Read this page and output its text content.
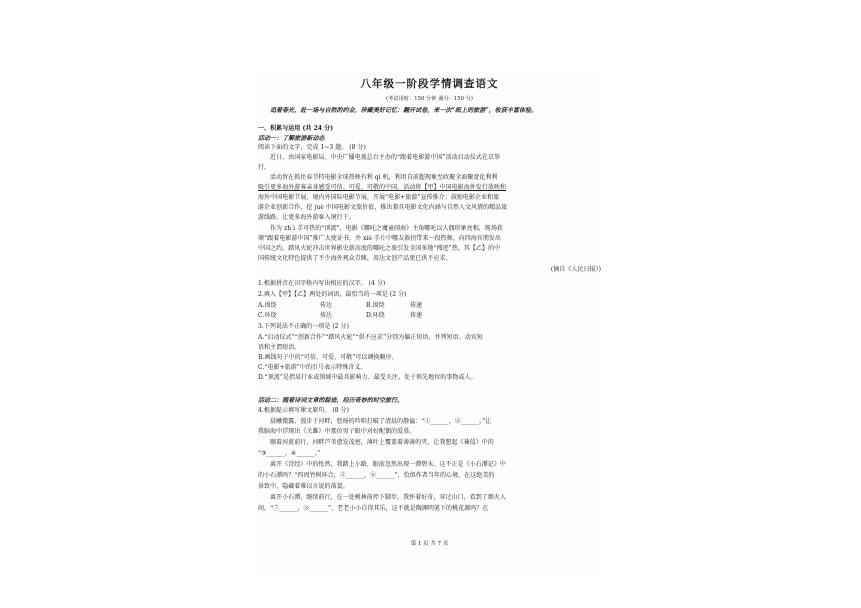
八年级一阶段学情调查语文
(考试用时：150 分钟 满分：150 分)
追着春光，赴一场与自然的约会，珍藏美好记忆：翻开试卷，来一次“纸上的旅游”，收获丰富体验。
一、积累与运用 (共 24 分)
活动一：了解旅游新动态
阅读下面的文字，完成 1~3 题。 (8 分)
近日，由国家电影局、中央广播电视总台主办的“跟着电影游中国”活动启动仪式在京举
行。
活动旨在抓住春节档电影全球热映有利 qì 机，利用自前超现象至政聚全面聚宽化利利
吸引更多海外游客亲身感受可信、可爱、可敬的中国。活动将【甲】中国电影海外发行放映和
海外中国电影节展、境内外国际电影节展，开展“电影+旅游”宣传推介；鼓励电影企业和旅
游企业创新合作，挖 juè 中国电影文旅价值，推出兼具电影文化内涵与自然人文风情的精品旅
游线路，让更多海外游客入境行于。
作为 zh ì 手可热的“顶流”，电影《哪吒之魔童闹海》主角哪吒以人偶形象亮相，现场获
颁“跟着电影游中国”推广大使证书，并 xiè 手片中哪友救拐带来一段热舞，向四海宾朋发出
中国之约。踏风火轮冲击世界影史新高度的哪吒之旅引发全国多地“搜迹”热，其【乙】的中
国传统文化特色提供了不少海外观众青睐，用达文创产品更已供不应求。
(摘自《人民日报》)
1.根据拼音在田字格内写出相应的汉字。 (4 分)
2.填入【甲】【乙】两处的词语，最恰当的一项是 (2 分)
A.围绕	传达	B.围绕	传递
C.环绕	传达	D.环绕	传递
3.下列说法不正确的一项是 (2 分)
A.“启动仪式”“创新合作”“踏风火轮”“供不应求”分别为偏正短语、并列短语、动宾短
语和主谓短语。
B.画线句子中的“可信、可爱、可敬”可以调换顺序。
C.“电影+旅游”中的引号表示特殊含义。
D.“顶流”是指某行业或领域中最具影响力、最受关注、处于领先地位的事物或人。
活动二：随着诗词文章的踪迹，经历奇妙的时空旅行。
4.根据提示填写课文原句。 (8 分)
晨曦微露，漫步于河畔，悠扬的吟唱打破了清晨的静谧：“①______，②______。”让
我脑海中浮现出《关雎》中那位男子眼中对好配偶的爱慕。
顺着河流前行，河畔芦苇愈发茂密，薄叶上覆盖着薄薄的夹，让我想起《蒹葭》中的
“③______，④______。”
离开《诗经》中的怅然，我踏上小路，眼前忽然出现一潭碧水。这不正是《小石潭记》中
的小石潭吗？“四周竹树环合，⑤______，⑥______”，恰似作者当年的心境，在这绝美的
景致中，隐藏着难以言说的落寞。
离开小石潭，继续前行，在一处桃林前停下脚步，我怀着好奇，穿过山口，看到了烟火人
间，“⑦______，⑧______”，老老小小自得其乐，这不就是陶渊明笔下的桃花源吗？在
第 1 页 共 7 页
